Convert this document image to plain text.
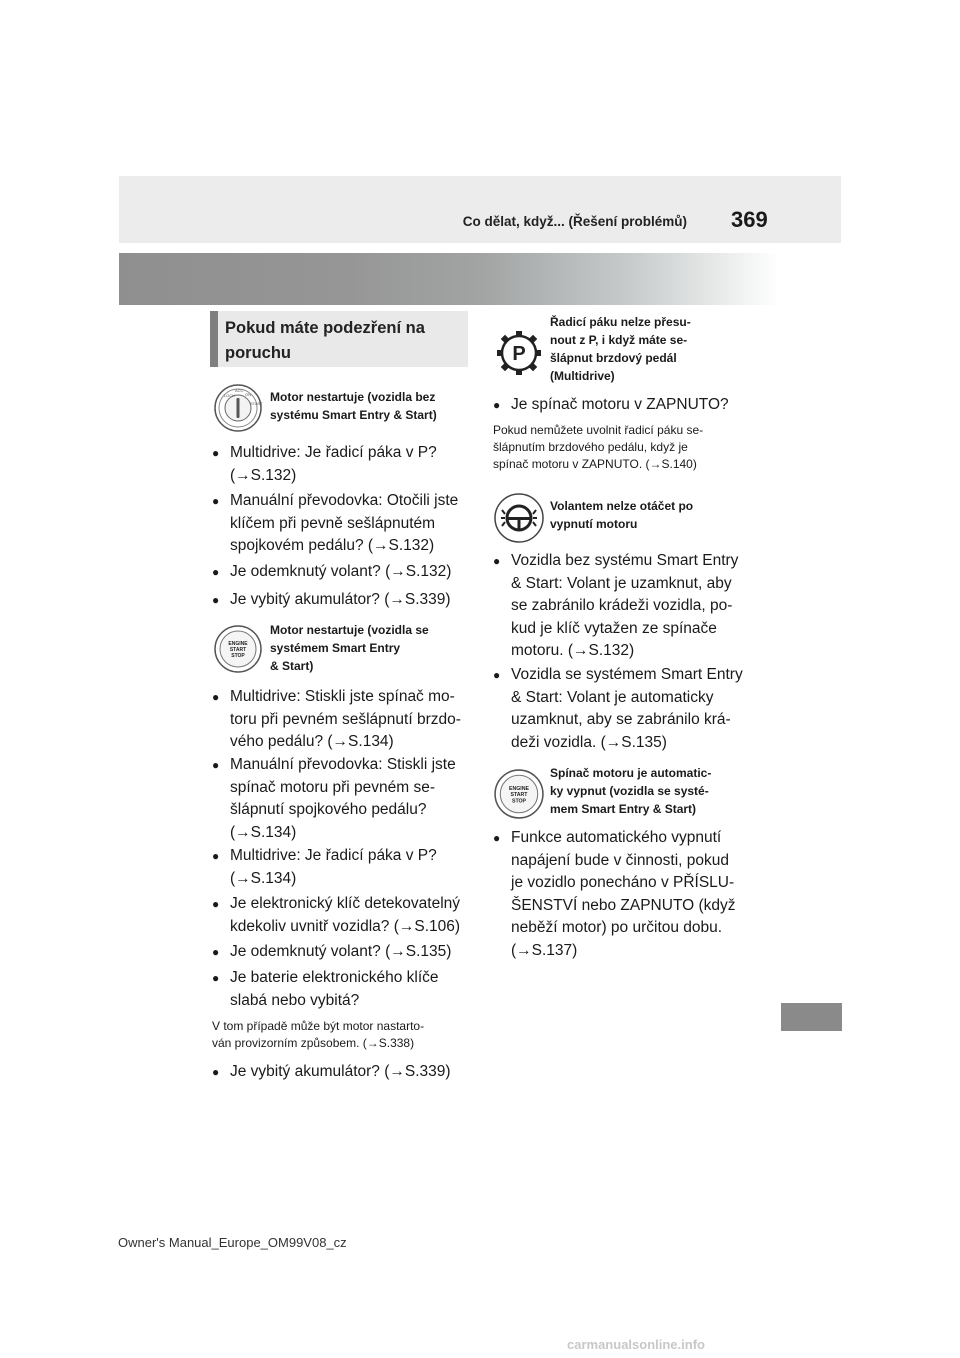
Co dělat, když... (Řešení problémů) 369
Pokud máte podezření na poruchu
LOCK
ACC
ON
START Motor nestartuje (vozidla bez
systému Smart Entry & Start)
● Multidrive: Je řadicí páka v P?
(→S.132)
● Manuální převodovka: Otočili jste
klíčem při pevně sešlápnutém
spojkovém pedálu? (→S.132)
● Je odemknutý volant? (→S.132)
● Je vybitý akumulátor? (→S.339)
ENGINE
START
STOP
Motor nestartuje (vozidla se
systémem Smart Entry
& Start)
● Multidrive: Stiskli jste spínač mo-
toru při pevném sešlápnutí brzdo-
vého pedálu? (→S.134)
● Manuální převodovka: Stiskli jste
spínač motoru při pevném se-
šlápnutí spojkového pedálu?
(→S.134)
● Multidrive: Je řadicí páka v P?
(→S.134)
● Je elektronický klíč detekovatelný
kdekoliv uvnitř vozidla? (→S.106)
● Je odemknutý volant? (→S.135)
● Je baterie elektronického klíče
slabá nebo vybitá?
V tom případě může být motor nastarto-
ván provizorním způsobem. (→S.338)
● Je vybitý akumulátor? (→S.339)
P
Řadicí páku nelze přesu-
nout z P, i když máte se-
šlápnut brzdový pedál
(Multidrive)
● Je spínač motoru v ZAPNUTO?
Pokud nemůžete uvolnit řadicí páku se-
šlápnutím brzdového pedálu, když je
spínač motoru v ZAPNUTO. (→S.140)
Volantem nelze otáčet po
vypnutí motoru
● Vozidla bez systému Smart Entry
& Start: Volant je uzamknut, aby
se zabránilo krádeži vozidla, po-
kud je klíč vytažen ze spínače
motoru. (→S.132)
● Vozidla se systémem Smart Entry
& Start: Volant je automaticky
uzamknut, aby se zabránilo krá-
deži vozidla. (→S.135)
ENGINE
START
STOP
Spínač motoru je automatic-
ky vypnut (vozidla se systé-
mem Smart Entry & Start)
● Funkce automatického vypnutí
napájení bude v činnosti, pokud
je vozidlo ponecháno v PŘÍSLU-
ŠENSTVÍ nebo ZAPNUTO (když
neběží motor) po určitou dobu.
(→S.137)
Owner's Manual_Europe_OM99V08_cz
carmanualsonline.info
